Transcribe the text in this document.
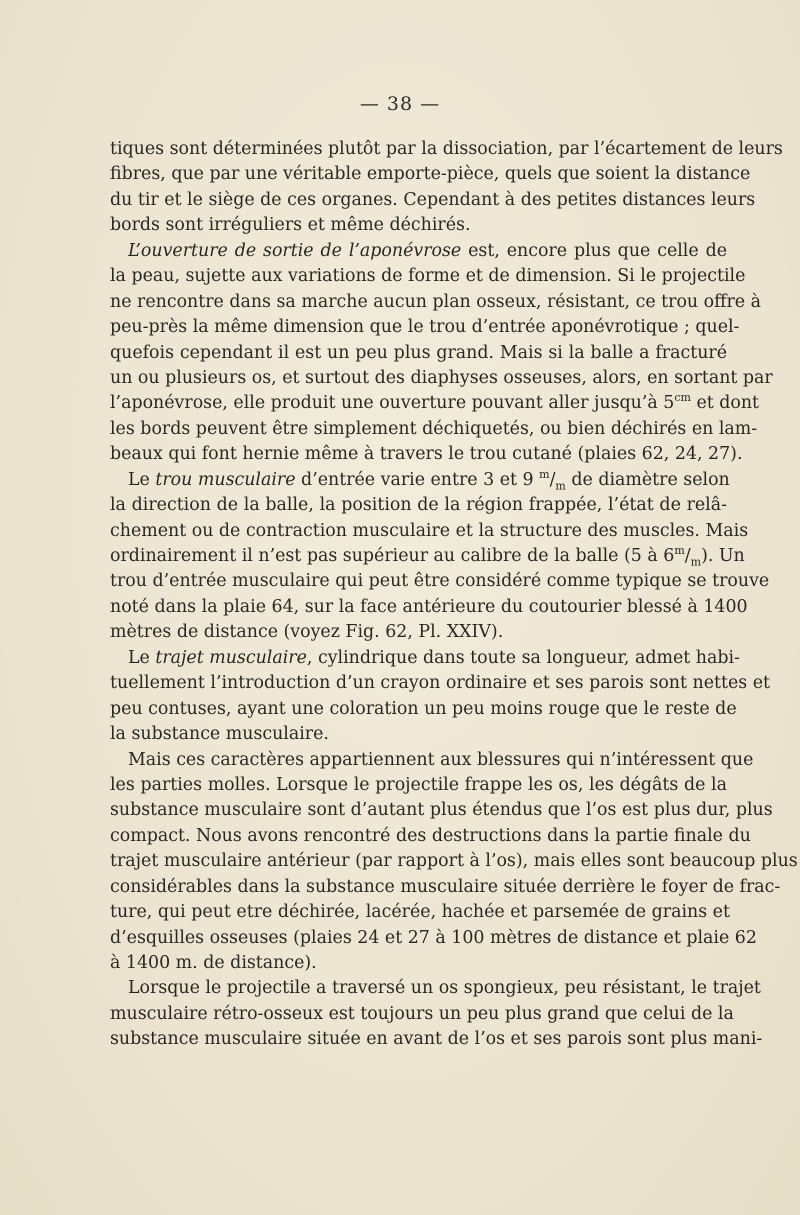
— 38 —
tiques sont déterminées plutôt par la dissociation, par l’écartement de leurs
fibres, que par une véritable emporte-pièce, quels que soient la distance
du tir et le siège de ces organes. Cependant à des petites distances leurs
bords sont irréguliers et même déchirés.
L’ouverture de sortie de l’aponévrose est, encore plus que celle de
la peau, sujette aux variations de forme et de dimension. Si le projectile
ne rencontre dans sa marche aucun plan osseux, résistant, ce trou offre à
peu-près la même dimension que le trou d’entrée aponévrotique ; quel-
quefois cependant il est un peu plus grand. Mais si la balle a fracturé
un ou plusieurs os, et surtout des diaphyses osseuses, alors, en sortant par
l’aponévrose, elle produit une ouverture pouvant aller jusqu’à $5^{cm}$ et dont
les bords peuvent être simplement déchiquetés, ou bien déchirés en lam-
beaux qui font hernie même à travers le trou cutané (plaies 62, 24, 27).
Le trou musculaire d’entrée varie entre 3 et 9 $^m/_m$ de diamètre selon
la direction de la balle, la position de la région frappée, l’état de relâ-
chement ou de contraction musculaire et la structure des muscles. Mais
ordinairement il n’est pas supérieur au calibre de la balle (5 à $6^m/_m$). Un
trou d’entrée musculaire qui peut être considéré comme typique se trouve
noté dans la plaie 64, sur la face antérieure du coutourier blessé à 1400
mètres de distance (voyez Fig. 62, Pl. XXIV).
Le trajet musculaire, cylindrique dans toute sa longueur, admet habi-
tuellement l’introduction d’un crayon ordinaire et ses parois sont nettes et
peu contuses, ayant une coloration un peu moins rouge que le reste de
la substance musculaire.
Mais ces caractères appartiennent aux blessures qui n’intéressent que
les parties molles. Lorsque le projectile frappe les os, les dégâts de la
substance musculaire sont d’autant plus étendus que l’os est plus dur, plus
compact. Nous avons rencontré des destructions dans la partie finale du
trajet musculaire antérieur (par rapport à l’os), mais elles sont beaucoup plus
considérables dans la substance musculaire située derrière le foyer de frac-
ture, qui peut etre déchirée, lacérée, hachée et parsemée de grains et
d’esquilles osseuses (plaies 24 et 27 à 100 mètres de distance et plaie 62
à 1400 m. de distance).
Lorsque le projectile a traversé un os spongieux, peu résistant, le trajet
musculaire rétro-osseux est toujours un peu plus grand que celui de la
substance musculaire située en avant de l’os et ses parois sont plus mani-
